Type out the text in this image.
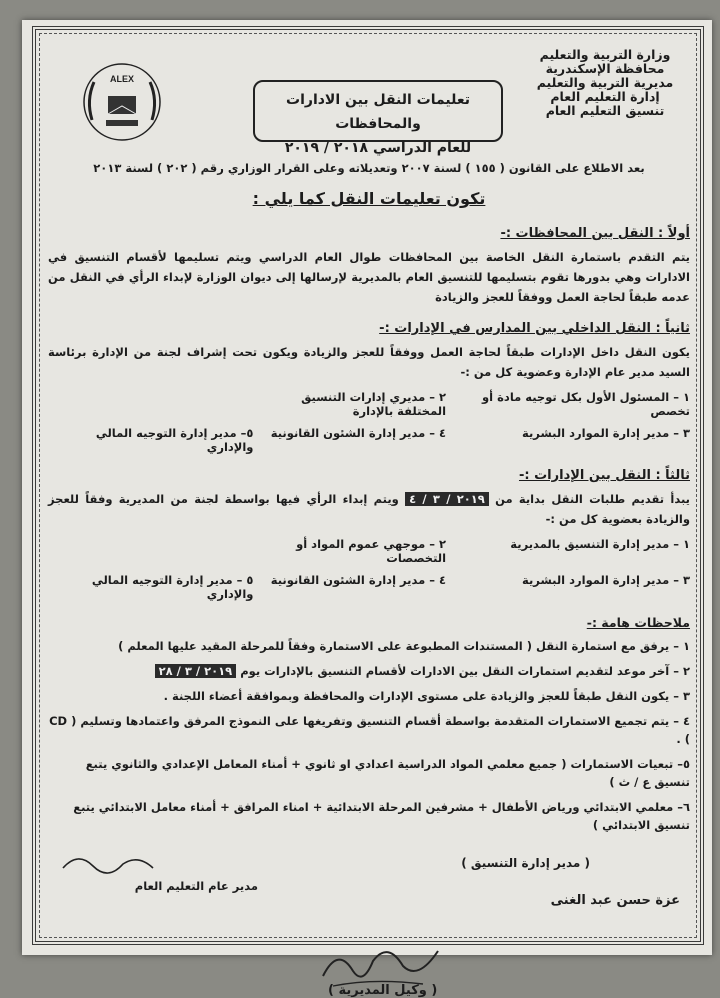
وزارة التربية والتعليم
محافظة الإسكندرية
مديرية التربية والتعليم
إدارة التعليم العام
تنسيق التعليم العام
تعليمات النقل بين الادارات والمحافظات
للعام الدراسي ٢٠١٨ / ٢٠١٩
ALEX
بعد الاطلاع على القانون ( ١٥٥ ) لسنة ٢٠٠٧ وتعديلاته وعلى القرار الوزاري رقم ( ٢٠٢ ) لسنة ٢٠١٣
تكون تعليمات النقل كما يلي :
أولاً : النقل بين المحافظات :-
يتم التقدم باستمارة النقل الخاصة بين المحافظات طوال العام الدراسي ويتم تسليمها لأقسام التنسيق في الادارات وهي بدورها تقوم بتسليمها للتنسيق العام بالمديرية لإرسالها إلى ديوان الوزارة لإبداء الرأي في النقل من عدمه طبقاً لحاجة العمل ووفقاً للعجز والزيادة
ثانياً : النقل الداخلي بين المدارس في الإدارات :-
يكون النقل داخل الإدارات طبقاً لحاجة العمل ووفقاً للعجز والزيادة ويكون تحت إشراف لجنة من الإدارة برئاسة السيد مدير عام الإدارة وعضوية كل من :-
١ – المسئول الأول بكل توجيه مادة أو تخصص
٢ – مديري إدارات التنسيق المختلفة بالإدارة
٣ – مدير إدارة الموارد البشرية
٤ – مدير إدارة الشئون القانونية
٥– مدير إدارة التوجيه المالي والإداري
ثالثاً : النقل بين الإدارات :-
يبدأ تقديم طلبات النقل بداية من ٢٠١٩ / ٣ / ٤ ويتم إبداء الرأي فيها بواسطة لجنة من المديرية وفقاً للعجز والزيادة بعضوية كل من :-
١ – مدير إدارة التنسيق بالمديرية
٢ – موجهي عموم المواد أو التخصصات
٣ – مدير إدارة الموارد البشرية
٤ – مدير إدارة الشئون القانونية
٥ – مدير إدارة التوجيه المالي والإداري
ملاحظات هامة :-
١ – يرفق مع استمارة النقل ( المستندات المطبوعة على الاستمارة وفقاً للمرحلة المقيد عليها المعلم )
٢ – آخر موعد لتقديم استمارات النقل بين الادارات لأقسام التنسيق بالإدارات يوم ٢٠١٩ / ٣ / ٢٨
٣ – يكون النقل طبقاً للعجز والزيادة على مستوى الإدارات والمحافظة وبموافقة أعضاء اللجنة .
٤ – يتم تجميع الاستمارات المتقدمة بواسطة أقسام التنسيق وتفريغها على النموذج المرفق واعتمادها وتسليم ( CD ) .
٥– تبعيات الاستمارات ( جميع معلمي المواد الدراسية اعدادي او ثانوي + أمناء المعامل الإعدادي والثانوي يتبع تنسيق ع / ث )
٦– معلمي الابتدائي ورياض الأطفال + مشرفين المرحلة الابتدائية + امناء المرافق + أمناء معامل الابتدائي يتبع تنسيق الابتدائي )
مدير عام التعليم العام
( مدير إدارة التنسيق )
عزة حسن عبد الغنى
( وكيل المديرية )
